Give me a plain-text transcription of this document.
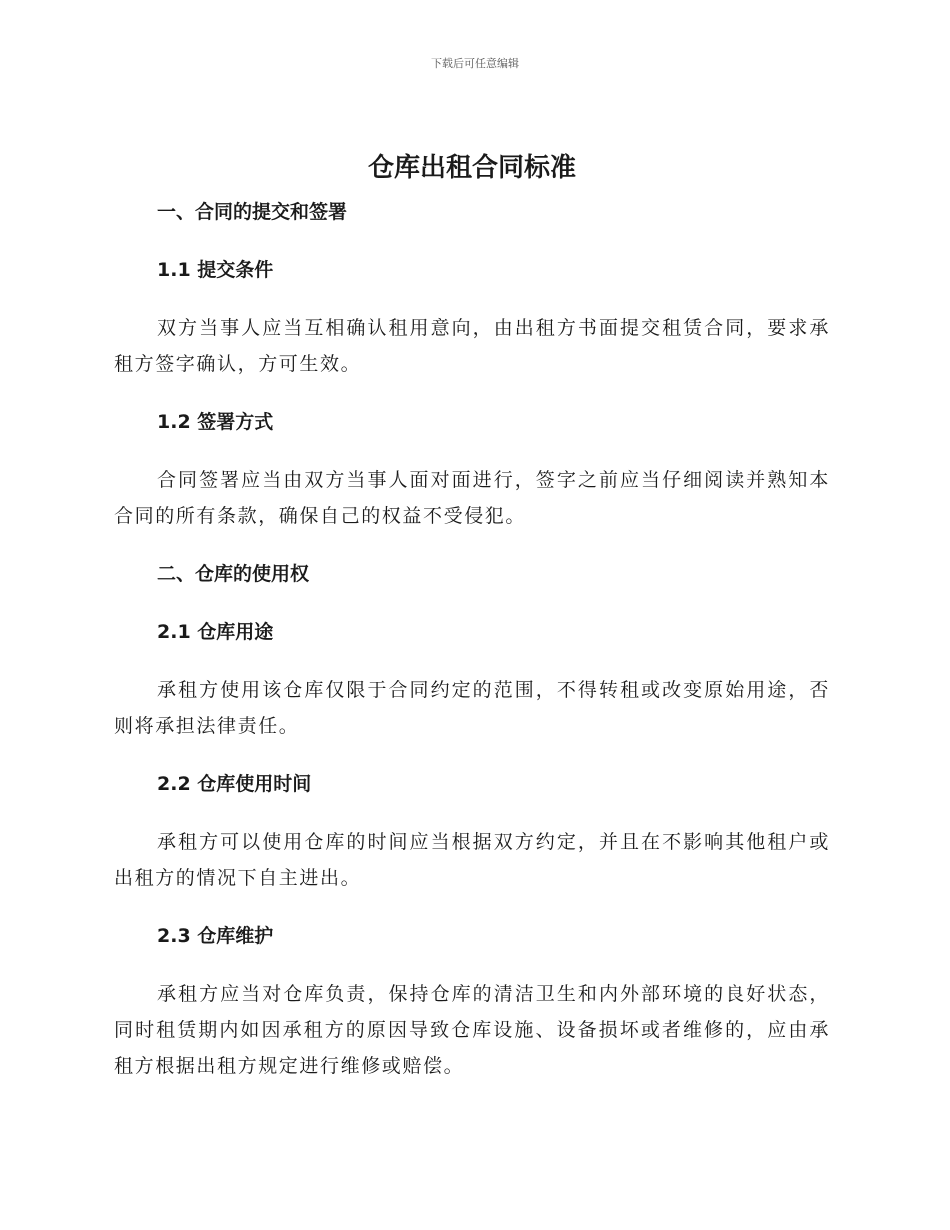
下载后可任意编辑
仓库出租合同标准
一、合同的提交和签署
1.1 提交条件

双方当事人应当互相确认租用意向，由出租方书面提交租赁合同，要求承租方签字确认，方可生效。

1.2 签署方式

合同签署应当由双方当事人面对面进行，签字之前应当仔细阅读并熟知本合同的所有条款，确保自己的权益不受侵犯。

二、仓库的使用权
2.1 仓库用途

承租方使用该仓库仅限于合同约定的范围，不得转租或改变原始用途，否则将承担法律责任。

2.2 仓库使用时间

承租方可以使用仓库的时间应当根据双方约定，并且在不影响其他租户或出租方的情况下自主进出。

2.3 仓库维护

承租方应当对仓库负责，保持仓库的清洁卫生和内外部环境的良好状态，同时租赁期内如因承租方的原因导致仓库设施、设备损坏或者维修的，应由承租方根据出租方规定进行维修或赔偿。
